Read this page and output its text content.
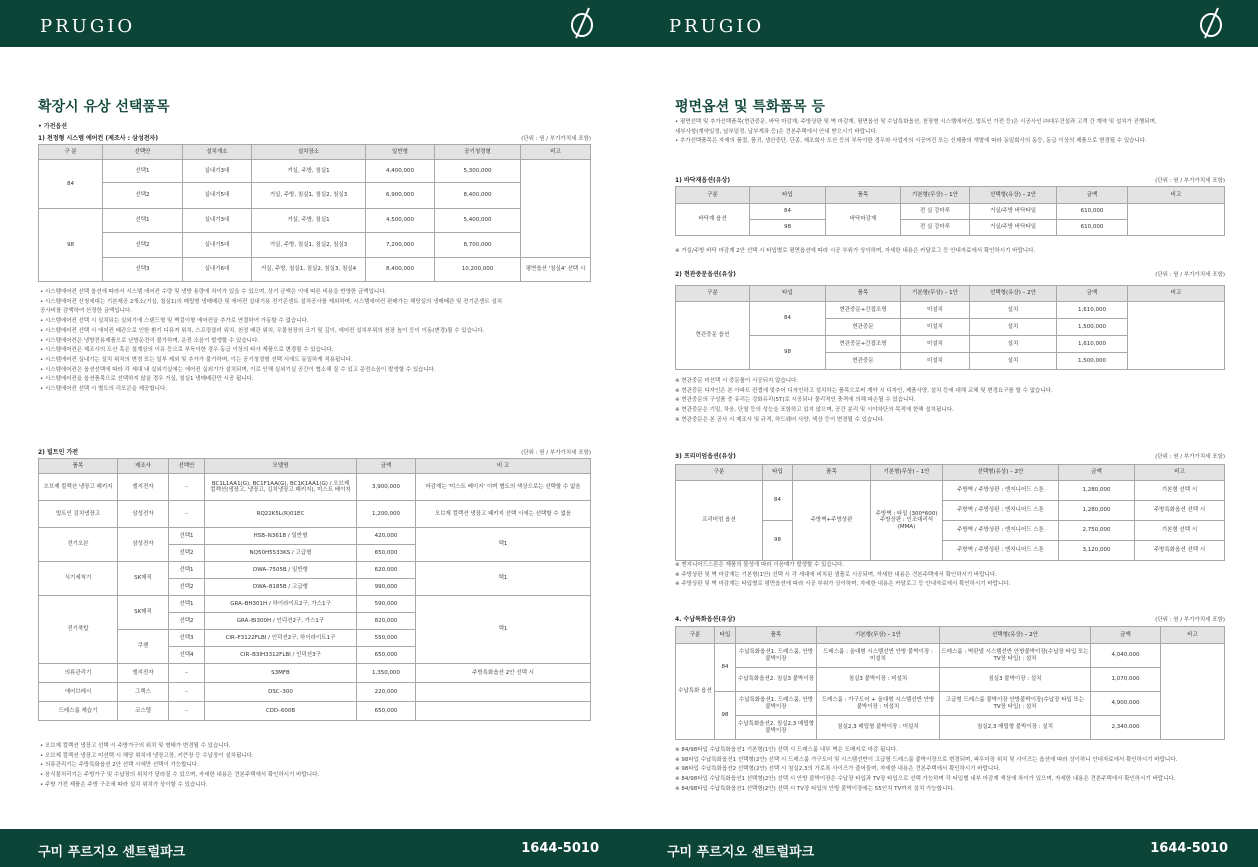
PRUGIO
확장시 유상 선택품목
• 가전옵션
1) 천정형 시스템 에어컨 (제조사 : 삼성전자)	(단위 : 원 / 부가가치세 포함)
구 분	선택안	설치개소	설치장소	일반형	공기청정형	비고
84	선택1	실내기3대	거실, 주방, 침실1	4,400,000	5,300,000	
	선택2	실내기5대	거실, 주방, 침실1, 침실2, 침실3	6,900,000	8,400,000	
98	선택1	실내기3대	거실, 주방, 침실1	4,500,000	5,400,000	
	선택2	실내기5대	거실, 주방, 침실1, 침실2, 침실3	7,200,000	8,700,000	
	선택3	실내기6대	거실, 주방, 침실1, 침실2, 침실3, 침실4	8,400,000	10,200,000	평면옵션 '침실4' 선택 시
• 시스템에어컨 선택 옵션에 따라서 시스템 에어컨 수량 및 냉방 용량에 차이가 있을 수 있으며, 상기 금액은 이에 따른 비용을 반영한 금액입니다.
• 시스템에어컨 신청세대는 기본제공 2개소(거실, 침실1)의 매립형 냉매배관 및 에어컨 실내기용 전기콘센트 설치공사를 제외하며, 시스템에어컨 판매가는 해당실의 냉매배관 및 전기콘센트 설치
공사비를 감액하여 산정한 금액입니다.
• 시스템에어컨 선택 시 설치되는 실외기에 스탠드형 및 벽걸이형 에어컨을 추가로 연결하여 가동할 수 없습니다.
• 시스템에어컨 선택 시 에어컨 배관으로 인한 환기 디퓨져 위치, 스프링클러 위치, 천정 배관 위치, 우물천장의 크기 및 깊이, 에어컨 설치부위의 천장 높이 등이 이동(변경)될 수 있습니다.
• 시스템에어컨은 냉방전용제품으로 난방운전이 불가하며, 운전 소음이 발생할 수 있습니다.
• 시스템에어컨은 제조사의 도산 혹은 설계상의 이유 등으로 부득이한 경우 동급 이상의 타사 제품으로 변경될 수 있습니다.
• 시스템에어컨 실내기는 설치 위치의 변경 또는 일부 제외 및 추가가 불가하며, 이는 공기청정형 선택 시에도 동일하게 적용됩니다.
• 시스템에어컨은 옵션선택에 따라 각 세대 내 실외기실에는 에어컨 실외기가 설치되며, 이로 인해 실외기실 공간이 협소해 질 수 있고 운전소음이 발생할 수 있습니다.
• 시스템에어컨을 옵션품목으로 선택하지 않을 경우 거실, 침실1 냉매배관만 시공 됩니다.
• 시스템에어컨 선택 시 별도의 리모콘을 제공합니다.
2) 빌트인 가전	(단위 : 원 / 부가가치세 포함)
품목	제조사	선택안	모델명	금액	비 고
오브제 컬렉션 냉장고 패키지	엘지전자	–	BC1L1AA1(G), BC1F1AA(G), BC1K1AA1(G) / 오브제 컬렉션(냉장고, 냉장고, 김치냉장고 패키지), 미스트 베이지	3,900,000	마감재는 '미스트 베이지' 이며 별도의 색상으로는 선택할 수 없음
빌트인 김치냉장고	삼성전자	–	RQ22K5L(R)01EC	1,200,000	오브제 컬렉션 냉장고 패키지 선택 시에는 선택할 수 없음
전기오븐	삼성전자	선택1	HSB–N361B / 일반형	420,000	택1
		선택2	NQ50H5533KS / 고급형	650,000	
식기세척기	SK매직	선택1	DWA–7505B / 일반형	620,000	택1
		선택2	DWA–8185B / 고급형	990,000	
전기쿡탑	SK매직	선택1	GRA–BH301H / 하이라이트2구, 가스1구	590,000	택1
		선택2	GRA–BI300H / 인덕션2구, 가스1구	820,000	
	쿠첸	선택3	CIR–F3122FLBI / 인덕션2구, 하이라이트1구	550,000	
		선택4	CIR–B3IH3312FLBI / 인덕션3구	650,000	
의류관리기	엘지전자	–	S3MFB	1,350,000	주방특화옵션 2안 선택 시
에어브레시	그렉스	–	DSC–300	220,000	
드레스룸 제습기	코스텔	–	CDD–600B	650,000	
• 오브제 컬렉션 냉장고 선택 시 주방가구의 위치 및 형태가 변경될 수 있습니다.
• 오브제 컬렉션 냉장고 미선택 시 해당 위치에 냉장고장, 키큰장 등 수납장이 설치됩니다.
• 의류관리기는 주방특화옵션 2안 선택 시에만 선택이 가능합니다.
• 음식물처리기는 주방가구 및 수납장의 위치가 달라질 수 있으며, 자세한 내용은 견본주택에서 확인하시기 바랍니다.
• 주방 가전 제품은 주방 구조에 따라 설치 위치가 상이할 수 있습니다.
구미 푸르지오 센트럴파크	1644-5010
PRUGIO
평면옵션 및 특화품목 등
• 평면선택 및 추가선택품목(현관중문, 바닥 마감재, 주방상판 및 벽 마감재, 평면옵션 및 수납특화옵션, 천장형 시스템에어컨, 빌트인 가전 등)은 시공사인 ㈜대우건설과 고객 간 계약 및 설치가 진행되며,
세부사항(계약일정, 납부일정, 납부계좌 등)은 견본주택에서 안내 받으시기 바랍니다.
• 추가선택품목은 자재의 품절, 품귀, 생산중단, 단종, 제조회사 도산 등의 부득이한 경우와 사업자의 시공여건 또는 신제품의 개발에 따라 동일회사의 동등, 동급 이상의 제품으로 변경될 수 있습니다.
1) 바닥재옵션(유상)	(단위 : 원 / 부가가치세 포함)
구분	타입	품목	기본형(무상) – 1안	선택형(유상) – 2안	금액	비고
바닥재 옵션	84	바닥마감재	전 실 강마루	거실/주방 바닥타일	610,000	
	98		전 실 강마루	거실/주방 바닥타일	610,000	
※ 거실/주방 바닥 마감재 2안 선택 시 타입별로 평면옵션에 따라 시공 부위가 상이하며, 자세한 내용은 카달로그 등 안내자료에서 확인하시기 바랍니다.
2) 현관중문옵션(유상)	(단위 : 원 / 부가가치세 포함)
구분	타입	품목	기본형(무상) – 1안	선택형(유상) – 2안	금액	비고
현관중문 옵션	84	현관중문+간접조명	미설치	설치	1,610,000	
		현관중문	미설치	설치	1,500,000	
	98	현관중문+간접조명	미설치	설치	1,610,000	
		현관중문	미설치	설치	1,500,000	
※ 현관중문 미선택 시 중문틀이 시공되지 않습니다.
※ 현관중문 디자인은 본 아파트 컨셉에 맞추어 디자인하고 설치하는 품목으로써 계약 시 디자인, 제품사양, 설치 등에 대해 교체 및 변경요구를 할 수 없습니다.
※ 현관중문의 구성품 중 유리는 강화유리(5T)로 시공되나 물리적인 충격에 의해 파손될 수 있습니다.
※ 현관중문은 기밀, 차음, 단열 등의 성능을 포함하고 있지 않으며, 공간 분리 및 시야차단의 목적에 한해 설치됩니다.
※ 현관중문은 본 공사 시 제조사 및 규격, 하드웨어 사양, 색상 등이 변경될 수 있습니다.
3) 프리미엄옵션(유상)	(단위 : 원 / 부가가치세 포함)
구분	타입	품목	기본형(무상) – 1안	선택형(유상) – 2안	금액	비고
프리미엄 옵션	84	주방벽+주방상판	주방벽 : 타일 (300*600) 주방상판 : 인조대리석 (MMA)	주방벽 / 주방상판 : 엔지니어드 스톤	1,280,000	기본형 선택 시
				주방벽 / 주방상판 : 엔지니어드 스톤	1,280,000	주방특화옵션 선택 시
	98			주방벽 / 주방상판 : 엔지니어드 스톤	2,750,000	기본형 선택 시
				주방벽 / 주방상판 : 엔지니어드 스톤	3,120,000	주방특화옵션 선택 시
※ 엔지니어드스톤은 제품의 물성에 따라 이음매가 발생할 수 있습니다.
※ 주방상판 및 벽 마감재는 기본형(1안) 선택 시 각 세대에 비치된 샘플로 시공되며, 자세한 내용은 견본주택에서 확인하시기 바랍니다.
※ 주방상판 및 벽 마감재는 타입별로 평면옵션에 따라 시공 부위가 상이하며, 자세한 내용은 카달로그 등 안내자료에서 확인하시기 바랍니다.
4. 수납특화옵션(유상)	(단위 : 원 / 부가가치세 포함)
구분	타입	품목	기본형(무상) – 1안	선택형(유상) – 2안	금액	비고
수납특화 옵션	84	수납특화옵션1. 드레스룸, 안방 붙박이장	드레스룸 : 올대형 시스템선반 안방 붙박이장 : 미설치	드레스룸 : 벽판넬 시스템선반 안방붙박이장(수납장 타입 또는 TV장 타입) : 설치	4,040,000	
		수납특화옵션2. 침실3 붙박이장	침실3 붙박이장 : 미설치	침실3 붙박이장 : 설치	1,070,000	
	98	수납특화옵션1. 드레스룸, 안방 붙박이장	드레스룸 : 가구도어 + 올대형 시스템선반 안방 붙박이장 : 미설치	고급형 드레스룸 붙박이장 안방붙박이장(수납장 타입 또는 TV장 타입) : 설치	4,900,000	
		수납특화옵션2. 침실2,3 매립형 붙박이장	침실2,3 매립형 붙박이장 : 미설치	침실2,3 매립형 붙박이장 : 설치	2,340,000	
※ 84/98타입 수납특화옵션1 기본형(1안) 선택 시 드레스룸 내부 벽은 도배지로 마감 됩니다.
※ 98타입 수납특화옵션1 선택형(2안) 선택 시 드레스룸 가구도어 및 시스템선반이 고급형 드레스룸 붙박이장으로 변경되며, 파우더장 위치 및 사이즈는 옵션에 따라 상이하니 안내자료에서 확인하시기 바랍니다.
※ 98타입 수납특화옵션2 선택형(2안) 선택 시 침실2,3의 가로폭 사이즈가 줄어들며, 자세한 내용은 견본주택에서 확인하시기 바랍니다.
※ 84/98타입 수납특화옵션1 선택형(2안) 선택 시 안방 붙박이장은 수납장 타입과 TV장 타입으로 선택 가능하며 각 타입별 내부 마감재 색상에 차이가 있으며, 자세한 내용은 견본주택에서 확인하시기 바랍니다.
※ 84/98타입 수납특화옵션1 선택형(2안) 선택 시 TV장 타입의 안방 붙박이장에는 55인치 TV까지 설치 가능합니다.
구미 푸르지오 센트럴파크	1644-5010
